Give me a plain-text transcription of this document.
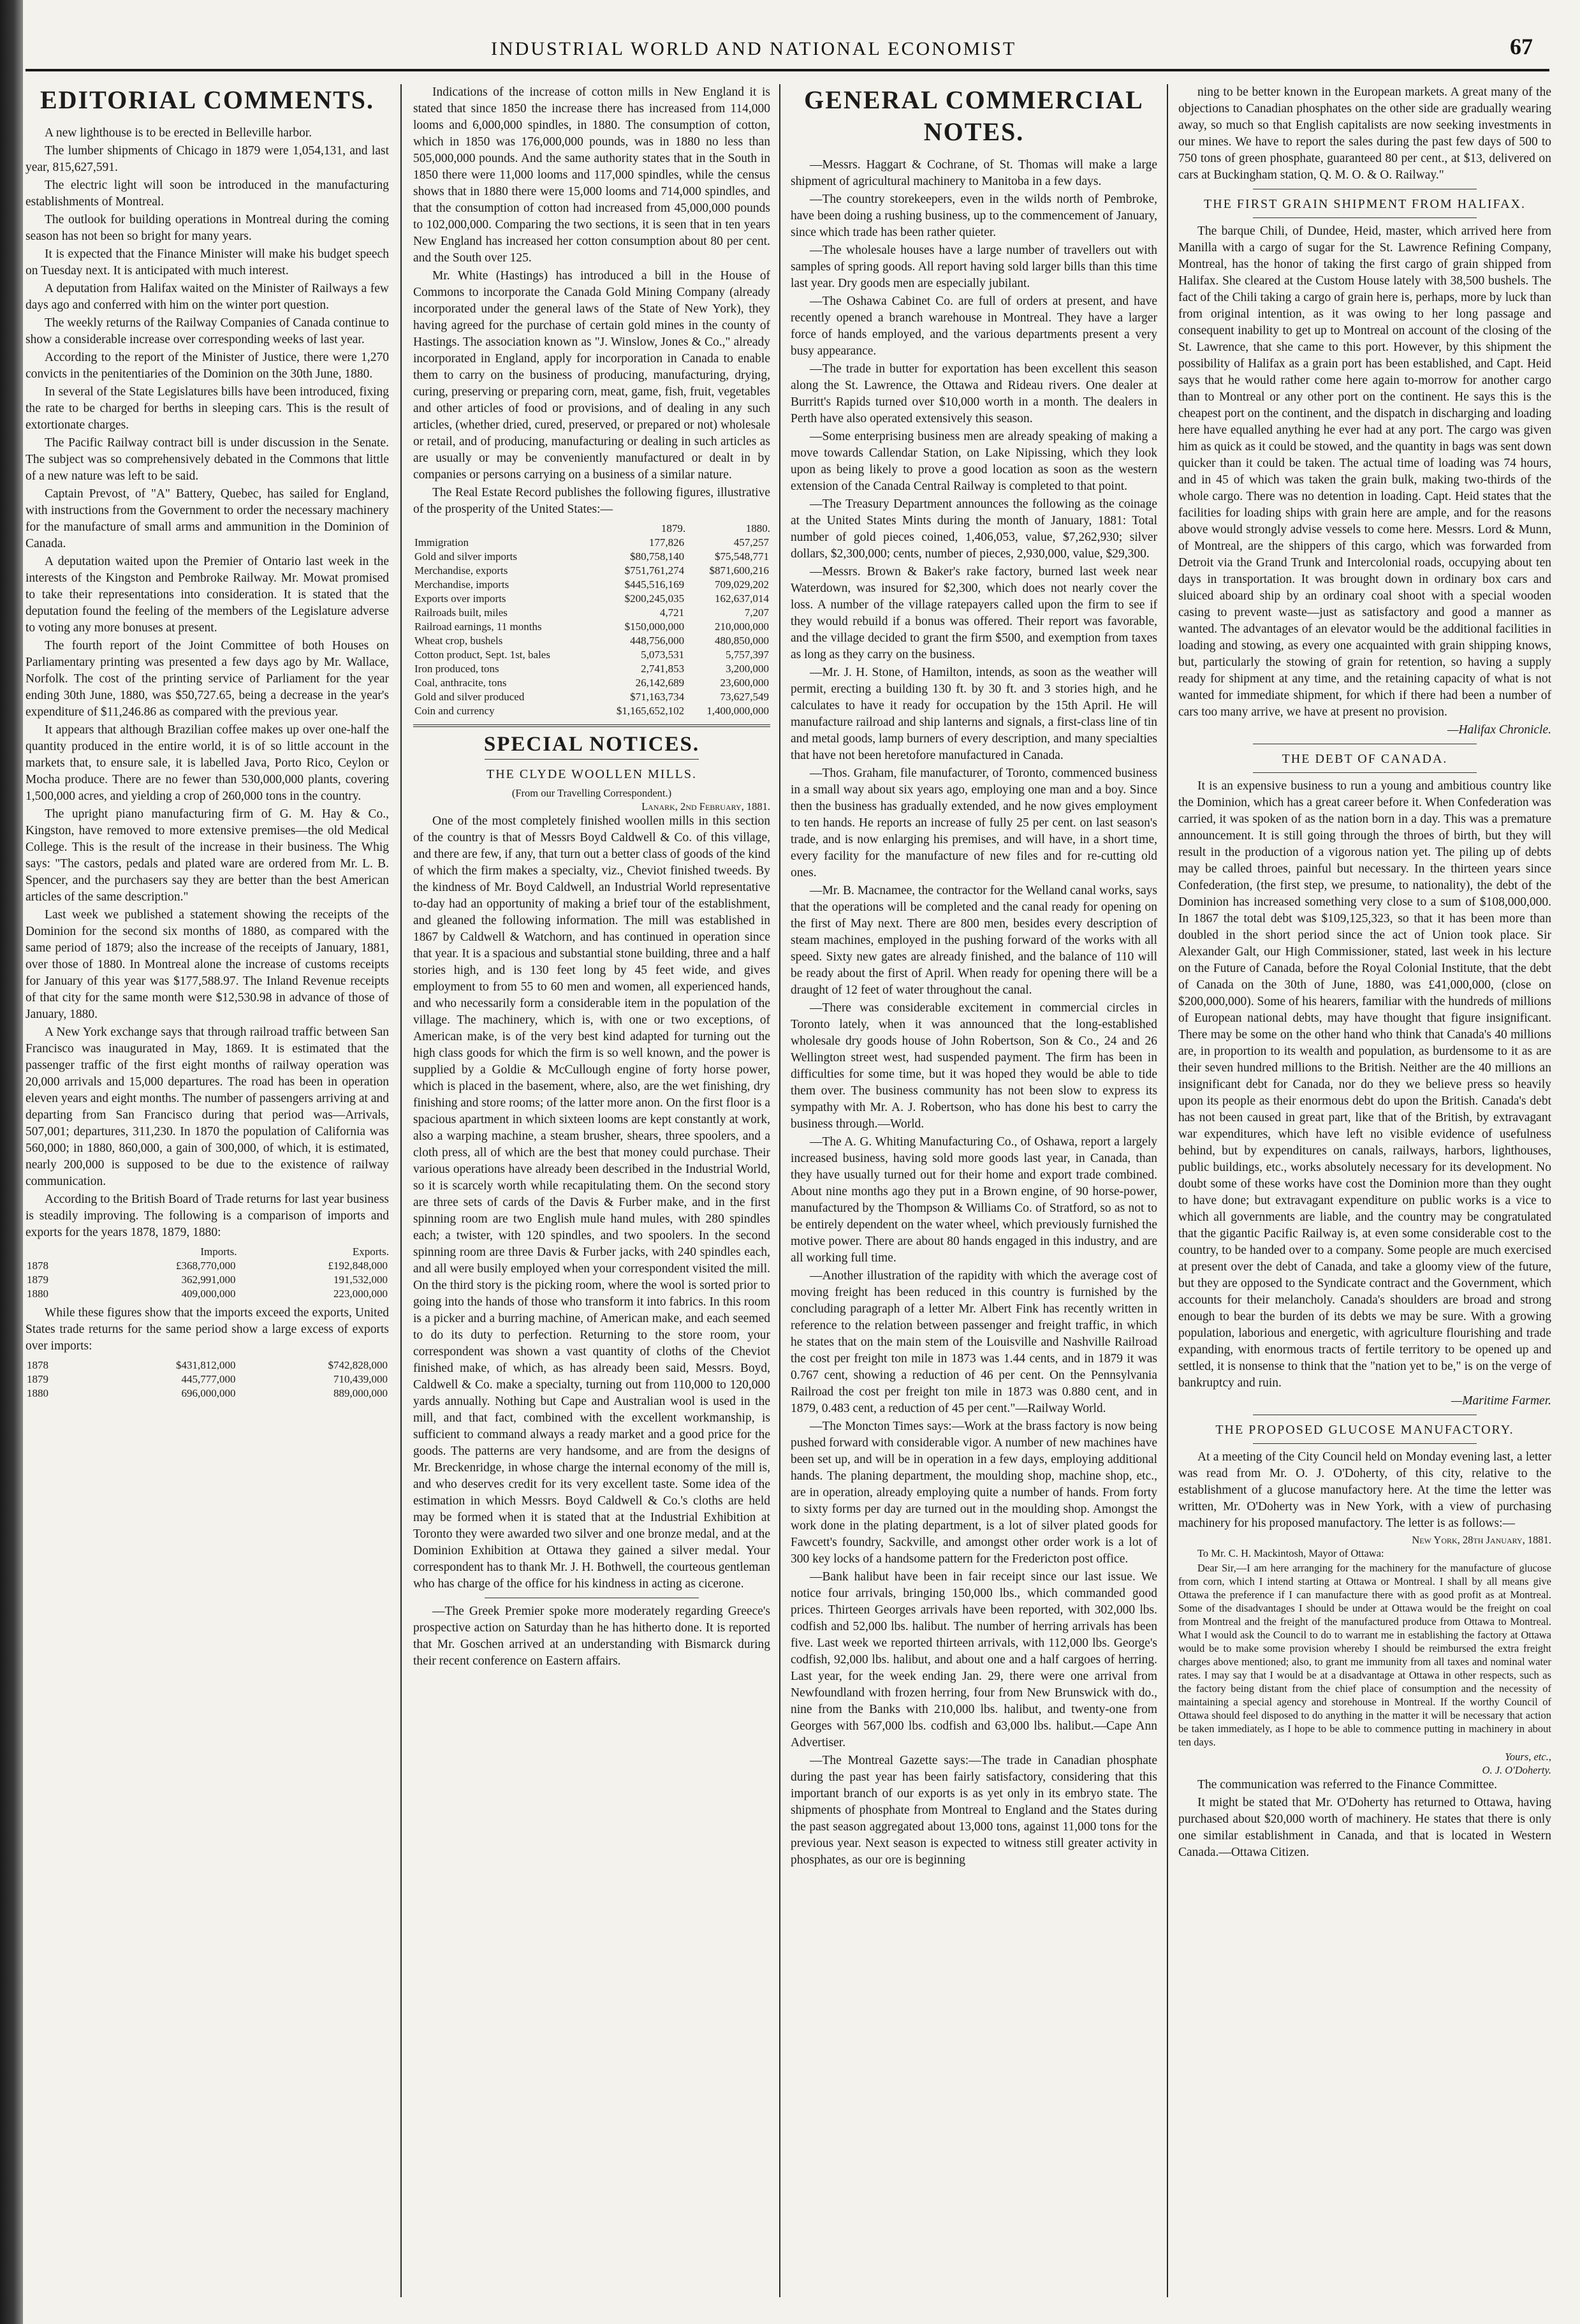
INDUSTRIAL WORLD AND NATIONAL ECONOMIST	67
EDITORIAL COMMENTS.

A new lighthouse is to be erected in Belleville harbor.

The lumber shipments of Chicago in 1879 were 1,054,131, and last year, 815,627,591.

The electric light will soon be introduced in the manufacturing establishments of Montreal.

The outlook for building operations in Montreal during the coming season has not been so bright for many years.

It is expected that the Finance Minister will make his budget speech on Tuesday next. It is anticipated with much interest.

A deputation from Halifax waited on the Minister of Railways a few days ago and conferred with him on the winter port question.

The weekly returns of the Railway Companies of Canada continue to show a considerable increase over corresponding weeks of last year.

According to the report of the Minister of Justice, there were 1,270 convicts in the penitentiaries of the Dominion on the 30th June, 1880.

In several of the State Legislatures bills have been introduced, fixing the rate to be charged for berths in sleeping cars. This is the result of extortionate charges.

The Pacific Railway contract bill is under discussion in the Senate. The subject was so comprehensively debated in the Commons that little of a new nature was left to be said.

Captain Prevost, of "A" Battery, Quebec, has sailed for England, with instructions from the Government to order the necessary machinery for the manufacture of small arms and ammunition in the Dominion of Canada.

A deputation waited upon the Premier of Ontario last week in the interests of the Kingston and Pembroke Railway. Mr. Mowat promised to take their representations into consideration. It is stated that the deputation found the feeling of the members of the Legislature adverse to voting any more bonuses at present.

The fourth report of the Joint Committee of both Houses on Parliamentary printing was presented a few days ago by Mr. Wallace, Norfolk. The cost of the printing service of Parliament for the year ending 30th June, 1880, was $50,727.65, being a decrease in the year's expenditure of $11,246.86 as compared with the previous year.

It appears that although Brazilian coffee makes up over one-half the quantity produced in the entire world, it is of so little account in the markets that, to ensure sale, it is labelled Java, Porto Rico, Ceylon or Mocha produce. There are no fewer than 530,000,000 plants, covering 1,500,000 acres, and yielding a crop of 260,000 tons in the country.

The upright piano manufacturing firm of G. M. Hay & Co., Kingston, have removed to more extensive premises—the old Medical College. This is the result of the increase in their business. The Whig says: "The castors, pedals and plated ware are ordered from Mr. L. B. Spencer, and the purchasers say they are better than the best American articles of the same description."

Last week we published a statement showing the receipts of the Dominion for the second six months of 1880, as compared with the same period of 1879; also the increase of the receipts of January, 1881, over those of 1880. In Montreal alone the increase of customs receipts for January of this year was $177,588.97. The Inland Revenue receipts of that city for the same month were $12,530.98 in advance of those of January, 1880.

A New York exchange says that through railroad traffic between San Francisco was inaugurated in May, 1869. It is estimated that the passenger traffic of the first eight months of railway operation was 20,000 arrivals and 15,000 departures. The road has been in operation eleven years and eight months. The number of passengers arriving at and departing from San Francisco during that period was—Arrivals, 507,001; departures, 311,230. In 1870 the population of California was 560,000; in 1880, 860,000, a gain of 300,000, of which, it is estimated, nearly 200,000 is supposed to be due to the existence of railway communication.

According to the British Board of Trade returns for last year business is steadily improving. The following is a comparison of imports and exports for the years 1878, 1879, 1880:

	Imports.	Exports.
1878	£368,770,000	£192,848,000
1879	362,991,000	191,532,000
1880	409,000,000	223,000,000

While these figures show that the imports exceed the exports, United States trade returns for the same period show a large excess of exports over imports:

1878	$431,812,000	$742,828,000
1879	445,777,000	710,439,000
1880	696,000,000	889,000,000

Indications of the increase of cotton mills in New England it is stated that since 1850 the increase there has increased from 114,000 looms and 6,000,000 spindles, in 1880. The consumption of cotton, which in 1850 was 176,000,000 pounds, was in 1880 no less than 505,000,000 pounds. And the same authority states that in the South in 1850 there were 11,000 looms and 117,000 spindles, while the census shows that in 1880 there were 15,000 looms and 714,000 spindles, and that the consumption of cotton had increased from 45,000,000 pounds to 102,000,000. Comparing the two sections, it is seen that in ten years New England has increased her cotton consumption about 80 per cent. and the South over 125.

Mr. White (Hastings) has introduced a bill in the House of Commons to incorporate the Canada Gold Mining Company (already incorporated under the general laws of the State of New York), they having agreed for the purchase of certain gold mines in the county of Hastings. The association known as "J. Winslow, Jones & Co.," already incorporated in England, apply for incorporation in Canada to enable them to carry on the business of producing, manufacturing, drying, curing, preserving or preparing corn, meat, game, fish, fruit, vegetables and other articles of food or provisions, and of dealing in any such articles, (whether dried, cured, preserved, or prepared or not) wholesale or retail, and of producing, manufacturing or dealing in such articles as are usually or may be conveniently manufactured or dealt in by companies or persons carrying on a business of a similar nature.

The Real Estate Record publishes the following figures, illustrative of the prosperity of the United States:—

	1879.	1880.
Immigration	177,826	457,257
Gold and silver imports	$80,758,140	$75,548,771
Merchandise, exports	$751,761,274	$871,600,216
Merchandise, imports	$445,516,169	709,029,202
Exports over imports	$200,245,035	162,637,014
Railroads built, miles	4,721	7,207
Railroad earnings, 11 months	$150,000,000	210,000,000
Wheat crop, bushels	448,756,000	480,850,000
Cotton product, Sept. 1st, bales	5,073,531	5,757,397
Iron produced, tons	2,741,853	3,200,000
Coal, anthracite, tons	26,142,689	23,600,000
Gold and silver produced	$71,163,734	73,627,549
Coin and currency	$1,165,652,102	1,400,000,000

SPECIAL NOTICES.
THE CLYDE WOOLLEN MILLS.
(From our Travelling Correspondent.)
Lanark, 2nd February, 1881.

One of the most completely finished woollen mills in this section of the country is that of Messrs Boyd Caldwell & Co. of this village, and there are few, if any, that turn out a better class of goods of the kind of which the firm makes a specialty, viz., Cheviot finished tweeds. By the kindness of Mr. Boyd Caldwell, an Industrial World representative to-day had an opportunity of making a brief tour of the establishment, and gleaned the following information. The mill was established in 1867 by Caldwell & Watchorn, and has continued in operation since that year. It is a spacious and substantial stone building, three and a half stories high, and is 130 feet long by 45 feet wide, and gives employment to from 55 to 60 men and women, all experienced hands, and who necessarily form a considerable item in the population of the village. The machinery, which is, with one or two exceptions, of American make, is of the very best kind adapted for turning out the high class goods for which the firm is so well known, and the power is supplied by a Goldie & McCullough engine of forty horse power, which is placed in the basement, where, also, are the wet finishing, dry finishing and store rooms; of the latter more anon. On the first floor is a spacious apartment in which sixteen looms are kept constantly at work, also a warping machine, a steam brusher, shears, three spoolers, and a cloth press, all of which are the best that money could purchase. Their various operations have already been described in the Industrial World, so it is scarcely worth while recapitulating them. On the second story are three sets of cards of the Davis & Furber make, and in the first spinning room are two English mule hand mules, with 280 spindles each; a twister, with 120 spindles, and two spoolers. In the second spinning room are three Davis & Furber jacks, with 240 spindles each, and all were busily employed when your correspondent visited the mill. On the third story is the picking room, where the wool is sorted prior to going into the hands of those who transform it into fabrics. In this room is a picker and a burring machine, of American make, and each seemed to do its duty to perfection. Returning to the store room, your correspondent was shown a vast quantity of cloths of the Cheviot finished make, of which, as has already been said, Messrs. Boyd, Caldwell & Co. make a specialty, turning out from 110,000 to 120,000 yards annually. Nothing but Cape and Australian wool is used in the mill, and that fact, combined with the excellent workmanship, is sufficient to command always a ready market and a good price for the goods. The patterns are very handsome, and are from the designs of Mr. Breckenridge, in whose charge the internal economy of the mill is, and who deserves credit for its very excellent taste. Some idea of the estimation in which Messrs. Boyd Caldwell & Co.'s cloths are held may be formed when it is stated that at the Industrial Exhibition at Toronto they were awarded two silver and one bronze medal, and at the Dominion Exhibition at Ottawa they gained a silver medal. Your correspondent has to thank Mr. J. H. Bothwell, the courteous gentleman who has charge of the office for his kindness in acting as cicerone.

—The Greek Premier spoke more moderately regarding Greece's prospective action on Saturday than he has hitherto done. It is reported that Mr. Goschen arrived at an understanding with Bismarck during their recent conference on Eastern affairs.

GENERAL COMMERCIAL NOTES.

—Messrs. Haggart & Cochrane, of St. Thomas will make a large shipment of agricultural machinery to Manitoba in a few days.

—The country storekeepers, even in the wilds north of Pembroke, have been doing a rushing business, up to the commencement of January, since which trade has been rather quieter.

—The wholesale houses have a large number of travellers out with samples of spring goods. All report having sold larger bills than this time last year. Dry goods men are especially jubilant.

—The Oshawa Cabinet Co. are full of orders at present, and have recently opened a branch warehouse in Montreal. They have a larger force of hands employed, and the various departments present a very busy appearance.

—The trade in butter for exportation has been excellent this season along the St. Lawrence, the Ottawa and Rideau rivers. One dealer at Burritt's Rapids turned over $10,000 worth in a month. The dealers in Perth have also operated extensively this season.

—Some enterprising business men are already speaking of making a move towards Callendar Station, on Lake Nipissing, which they look upon as being likely to prove a good location as soon as the western extension of the Canada Central Railway is completed to that point.

—The Treasury Department announces the following as the coinage at the United States Mints during the month of January, 1881: Total number of gold pieces coined, 1,406,053, value, $7,262,930; silver dollars, $2,300,000; cents, number of pieces, 2,930,000, value, $29,300.

—Messrs. Brown & Baker's rake factory, burned last week near Waterdown, was insured for $2,300, which does not nearly cover the loss. A number of the village ratepayers called upon the firm to see if they would rebuild if a bonus was offered. Their report was favorable, and the village decided to grant the firm $500, and exemption from taxes as long as they carry on the business.

—Mr. J. H. Stone, of Hamilton, intends, as soon as the weather will permit, erecting a building 130 ft. by 30 ft. and 3 stories high, and he calculates to have it ready for occupation by the 15th April. He will manufacture railroad and ship lanterns and signals, a first-class line of tin and metal goods, lamp burners of every description, and many specialties that have not been heretofore manufactured in Canada.

—Thos. Graham, file manufacturer, of Toronto, commenced business in a small way about six years ago, employing one man and a boy. Since then the business has gradually extended, and he now gives employment to ten hands. He reports an increase of fully 25 per cent. on last season's trade, and is now enlarging his premises, and will have, in a short time, every facility for the manufacture of new files and for re-cutting old ones.

—Mr. B. Macnamee, the contractor for the Welland canal works, says that the operations will be completed and the canal ready for opening on the first of May next. There are 800 men, besides every description of steam machines, employed in the pushing forward of the works with all speed. Sixty new gates are already finished, and the balance of 110 will be ready about the first of April. When ready for opening there will be a draught of 12 feet of water throughout the canal.

—There was considerable excitement in commercial circles in Toronto lately, when it was announced that the long-established wholesale dry goods house of John Robertson, Son & Co., 24 and 26 Wellington street west, had suspended payment. The firm has been in difficulties for some time, but it was hoped they would be able to tide them over. The business community has not been slow to express its sympathy with Mr. A. J. Robertson, who has done his best to carry the business through.—World.

—The A. G. Whiting Manufacturing Co., of Oshawa, report a largely increased business, having sold more goods last year, in Canada, than they have usually turned out for their home and export trade combined. About nine months ago they put in a Brown engine, of 90 horse-power, manufactured by the Thompson & Williams Co. of Stratford, so as not to be entirely dependent on the water wheel, which previously furnished the motive power. There are about 80 hands engaged in this industry, and are all working full time.

—Another illustration of the rapidity with which the average cost of moving freight has been reduced in this country is furnished by the concluding paragraph of a letter Mr. Albert Fink has recently written in reference to the relation between passenger and freight traffic, in which he states that on the main stem of the Louisville and Nashville Railroad the cost per freight ton mile in 1873 was 1.44 cents, and in 1879 it was 0.767 cent, showing a reduction of 46 per cent. On the Pennsylvania Railroad the cost per freight ton mile in 1873 was 0.880 cent, and in 1879, 0.483 cent, a reduction of 45 per cent."—Railway World.

—The Moncton Times says:—Work at the brass factory is now being pushed forward with considerable vigor. A number of new machines have been set up, and will be in operation in a few days, employing additional hands. The planing department, the moulding shop, machine shop, etc., are in operation, already employing quite a number of hands. From forty to sixty forms per day are turned out in the moulding shop. Amongst the work done in the plating department, is a lot of silver plated goods for Fawcett's foundry, Sackville, and amongst other order work is a lot of 300 key locks of a handsome pattern for the Fredericton post office.

—Bank halibut have been in fair receipt since our last issue. We notice four arrivals, bringing 150,000 lbs., which commanded good prices. Thirteen Georges arrivals have been reported, with 302,000 lbs. codfish and 52,000 lbs. halibut. The number of herring arrivals has been five. Last week we reported thirteen arrivals, with 112,000 lbs. George's codfish, 92,000 lbs. halibut, and about one and a half cargoes of herring. Last year, for the week ending Jan. 29, there were one arrival from Newfoundland with frozen herring, four from New Brunswick with do., nine from the Banks with 210,000 lbs. halibut, and twenty-one from Georges with 567,000 lbs. codfish and 63,000 lbs. halibut.—Cape Ann Advertiser.

—The Montreal Gazette says:—The trade in Canadian phosphate during the past year has been fairly satisfactory, considering that this important branch of our exports is as yet only in its embryo state. The shipments of phosphate from Montreal to England and the States during the past season aggregated about 13,000 tons, against 11,000 tons for the previous year. Next season is expected to witness still greater activity in phosphates, as our ore is beginning

ning to be better known in the European markets. A great many of the objections to Canadian phosphates on the other side are gradually wearing away, so much so that English capitalists are now seeking investments in our mines. We have to report the sales during the past few days of 500 to 750 tons of green phosphate, guaranteed 80 per cent., at $13, delivered on cars at Buckingham station, Q. M. O. & O. Railway."

THE FIRST GRAIN SHIPMENT FROM HALIFAX.

The barque Chili, of Dundee, Heid, master, which arrived here from Manilla with a cargo of sugar for the St. Lawrence Refining Company, Montreal, has the honor of taking the first cargo of grain shipped from Halifax. She cleared at the Custom House lately with 38,500 bushels. The fact of the Chili taking a cargo of grain here is, perhaps, more by luck than from original intention, as it was owing to her long passage and consequent inability to get up to Montreal on account of the closing of the St. Lawrence, that she came to this port. However, by this shipment the possibility of Halifax as a grain port has been established, and Capt. Heid says that he would rather come here again to-morrow for another cargo than to Montreal or any other port on the continent. He says this is the cheapest port on the continent, and the dispatch in discharging and loading here have equalled anything he ever had at any port. The cargo was given him as quick as it could be stowed, and the quantity in bags was sent down quicker than it could be taken. The actual time of loading was 74 hours, and in 45 of which was taken the grain bulk, making two-thirds of the whole cargo. There was no detention in loading. Capt. Heid states that the facilities for loading ships with grain here are ample, and for the reasons above would strongly advise vessels to come here. Messrs. Lord & Munn, of Montreal, are the shippers of this cargo, which was forwarded from Detroit via the Grand Trunk and Intercolonial roads, occupying about ten days in transportation. It was brought down in ordinary box cars and sluiced aboard ship by an ordinary coal shoot with a special wooden casing to prevent waste—just as satisfactory and good a manner as wanted. The advantages of an elevator would be the additional facilities in loading and stowing, as every one acquainted with grain shipping knows, but, particularly the stowing of grain for retention, so having a supply ready for shipment at any time, and the retaining capacity of what is not wanted for immediate shipment, for which if there had been a number of cars too many arrive, we have at present no provision.

—Halifax Chronicle.
THE DEBT OF CANADA.

It is an expensive business to run a young and ambitious country like the Dominion, which has a great career before it. When Confederation was carried, it was spoken of as the nation born in a day. This was a premature announcement. It is still going through the throes of birth, but they will result in the production of a vigorous nation yet. The piling up of debts may be called throes, painful but necessary. In the thirteen years since Confederation, (the first step, we presume, to nationality), the debt of the Dominion has increased something very close to a sum of $108,000,000. In 1867 the total debt was $109,125,323, so that it has been more than doubled in the short period since the act of Union took place. Sir Alexander Galt, our High Commissioner, stated, last week in his lecture on the Future of Canada, before the Royal Colonial Institute, that the debt of Canada on the 30th of June, 1880, was £41,000,000, (close on $200,000,000). Some of his hearers, familiar with the hundreds of millions of European national debts, may have thought that figure insignificant. There may be some on the other hand who think that Canada's 40 millions are, in proportion to its wealth and population, as burdensome to it as are their seven hundred millions to the British. Neither are the 40 millions an insignificant debt for Canada, nor do they we believe press so heavily upon its people as their enormous debt do upon the British. Canada's debt has not been caused in great part, like that of the British, by extravagant war expenditures, which have left no visible evidence of usefulness behind, but by expenditures on canals, railways, harbors, lighthouses, public buildings, etc., works absolutely necessary for its development. No doubt some of these works have cost the Dominion more than they ought to have done; but extravagant expenditure on public works is a vice to which all governments are liable, and the country may be congratulated that the gigantic Pacific Railway is, at even some considerable cost to the country, to be handed over to a company. Some people are much exercised at present over the debt of Canada, and take a gloomy view of the future, but they are opposed to the Syndicate contract and the Government, which accounts for their melancholy. Canada's shoulders are broad and strong enough to bear the burden of its debts we may be sure. With a growing population, laborious and energetic, with agriculture flourishing and trade expanding, with enormous tracts of fertile territory to be opened up and settled, it is nonsense to think that the "nation yet to be," is on the verge of bankruptcy and ruin.

—Maritime Farmer.
THE PROPOSED GLUCOSE MANUFACTORY.

At a meeting of the City Council held on Monday evening last, a letter was read from Mr. O. J. O'Doherty, of this city, relative to the establishment of a glucose manufactory here. At the time the letter was written, Mr. O'Doherty was in New York, with a view of purchasing machinery for his proposed manufactory. The letter is as follows:—

New York, 28th January, 1881.

To Mr. C. H. Mackintosh, Mayor of Ottawa:

Dear Sir,—I am here arranging for the machinery for the manufacture of glucose from corn, which I intend starting at Ottawa or Montreal. I shall by all means give Ottawa the preference if I can manufacture there with as good profit as at Montreal. Some of the disadvantages I should be under at Ottawa would be the freight on coal from Montreal and the freight of the manufactured produce from Ottawa to Montreal. What I would ask the Council to do to warrant me in establishing the factory at Ottawa would be to make some provision whereby I should be reimbursed the extra freight charges above mentioned; also, to grant me immunity from all taxes and nominal water rates. I may say that I would be at a disadvantage at Ottawa in other respects, such as the factory being distant from the chief place of consumption and the necessity of maintaining a special agency and storehouse in Montreal. If the worthy Council of Ottawa should feel disposed to do anything in the matter it will be necessary that action be taken immediately, as I hope to be able to commence putting in machinery in about ten days.

Yours, etc.,
O. J. O'Doherty.

The communication was referred to the Finance Committee.

It might be stated that Mr. O'Doherty has returned to Ottawa, having purchased about $20,000 worth of machinery. He states that there is only one similar establishment in Canada, and that is located in Western Canada.—Ottawa Citizen.
